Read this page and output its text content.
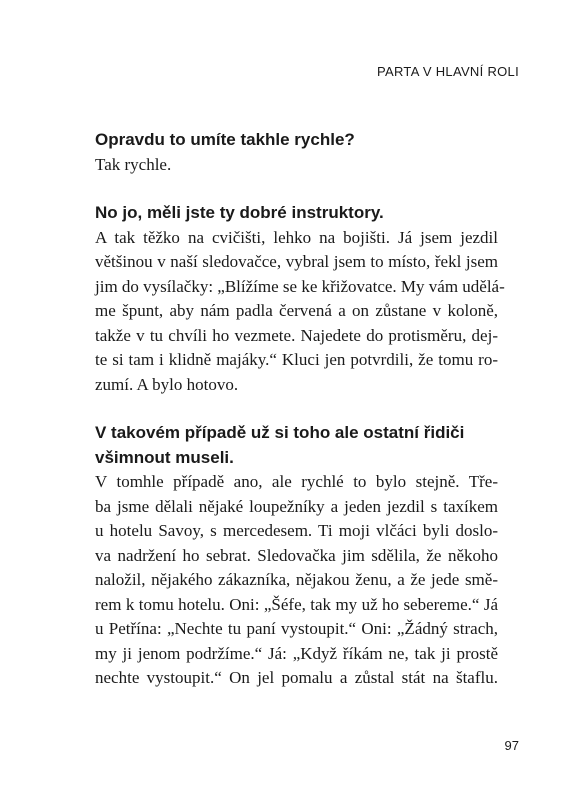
PARTA V HLAVNÍ ROLI

Opravdu to umíte takhle rychle?

Tak rychle.

No jo, měli jste ty dobré instruktory.

A tak těžko na cvičišti, lehko na bojišti. Já jsem jezdil
většinou v naší sledovačce, vybral jsem to místo, řekl jsem
jim do vysílačky: „Blížíme se ke křižovatce. My vám udělá-
me špunt, aby nám padla červená a on zůstane v koloně,
takže v tu chvíli ho vezmete. Najedete do protisměru, dej-
te si tam i klidně majáky.“ Kluci jen potvrdili, že tomu ro-
zumí. A bylo hotovo.

V takovém případě už si toho ale ostatní řidiči
všimnout museli.

V tomhle případě ano, ale rychlé to bylo stejně. Tře-
ba jsme dělali nějaké loupežníky a jeden jezdil s taxíkem
u hotelu Savoy, s mercedesem. Ti moji vlčáci byli doslo-
va nadržení ho sebrat. Sledovačka jim sdělila, že někoho
naložil, nějakého zákazníka, nějakou ženu, a že jede smě-
rem k tomu hotelu. Oni: „Šéfe, tak my už ho sebereme.“ Já
u Petřína: „Nechte tu paní vystoupit.“ Oni: „Žádný strach,
my ji jenom podržíme.“ Já: „Když říkám ne, tak ji prostě
nechte vystoupit.“ On jel pomalu a zůstal stát na štaflu.

97
